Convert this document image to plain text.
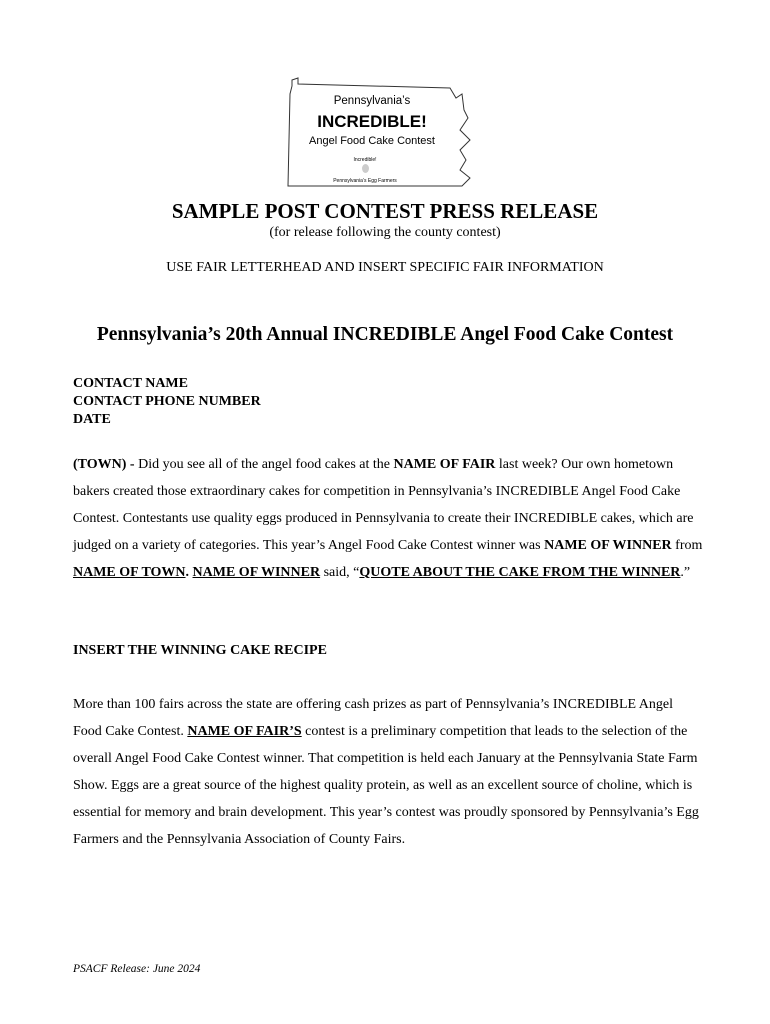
Pennsylvania’s
INCREDIBLE!
Angel Food Cake Contest
Incredible!
Pennsylvania’s Egg Farmers
SAMPLE POST CONTEST PRESS RELEASE
(for release following the county contest)
USE FAIR LETTERHEAD AND INSERT SPECIFIC FAIR INFORMATION
Pennsylvania’s 20th Annual INCREDIBLE Angel Food Cake Contest
CONTACT NAME
CONTACT PHONE NUMBER
DATE
(TOWN) - Did you see all of the angel food cakes at the NAME OF FAIR last week? Our own hometown bakers created those extraordinary cakes for competition in Pennsylvania’s INCREDIBLE Angel Food Cake Contest. Contestants use quality eggs produced in Pennsylvania to create their INCREDIBLE cakes, which are judged on a variety of categories. This year’s Angel Food Cake Contest winner was NAME OF WINNER from NAME OF TOWN. NAME OF WINNER said, “QUOTE ABOUT THE CAKE FROM THE WINNER.”
INSERT THE WINNING CAKE RECIPE
More than 100 fairs across the state are offering cash prizes as part of Pennsylvania’s INCREDIBLE Angel Food Cake Contest. NAME OF FAIR’S contest is a preliminary competition that leads to the selection of the overall Angel Food Cake Contest winner. That competition is held each January at the Pennsylvania State Farm Show. Eggs are a great source of the highest quality protein, as well as an excellent source of choline, which is essential for memory and brain development. This year’s contest was proudly sponsored by Pennsylvania’s Egg Farmers and the Pennsylvania Association of County Fairs.
PSACF Release: June 2024
